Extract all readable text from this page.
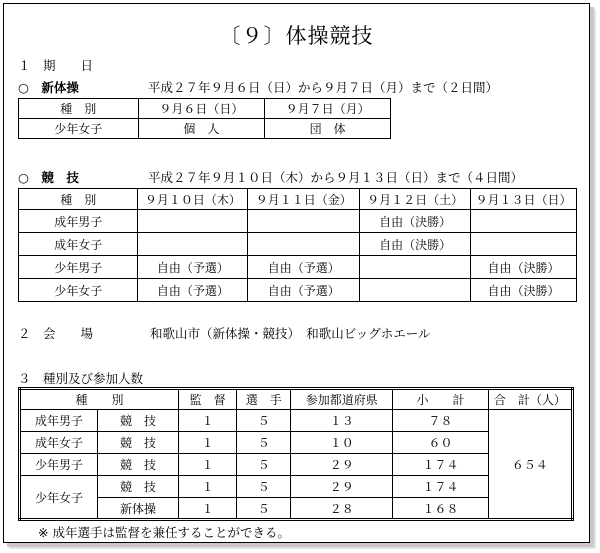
〔９〕体操競技
１　期　　日
○　新体操	平成２７年９月６日（日）から９月７日（月）まで（２日間）
種　別	９月６日（日）	９月７日（月）
少年女子	個　人	団　体
○　競　技	平成２７年９月１０日（木）から９月１３日（日）まで（４日間）
種　別	９月１０日（木）	９月１１日（金）	９月１２日（土）	９月１３日（日）
成年男子			自由（決勝）	
成年女子			自由（決勝）	
少年男子	自由（予選）	自由（予選）		自由（決勝）
少年女子	自由（予選）	自由（予選）		自由（決勝）
２　会　　場	和歌山市（新体操・競技）　和歌山ビッグホエール
３　種別及び参加人数
種　　別		監　督	選　手	参加都道府県	小　　計	合　計（人）
成年男子	競　技	１	５	１３	７８	６５４
成年女子	競　技	１	５	１０	６０	
少年男子	競　技	１	５	２９	１７４	
少年女子	競　技	１	５	２９	１７４	
	新体操	１	５	２８	１６８	
※ 成年選手は監督を兼任することができる。
